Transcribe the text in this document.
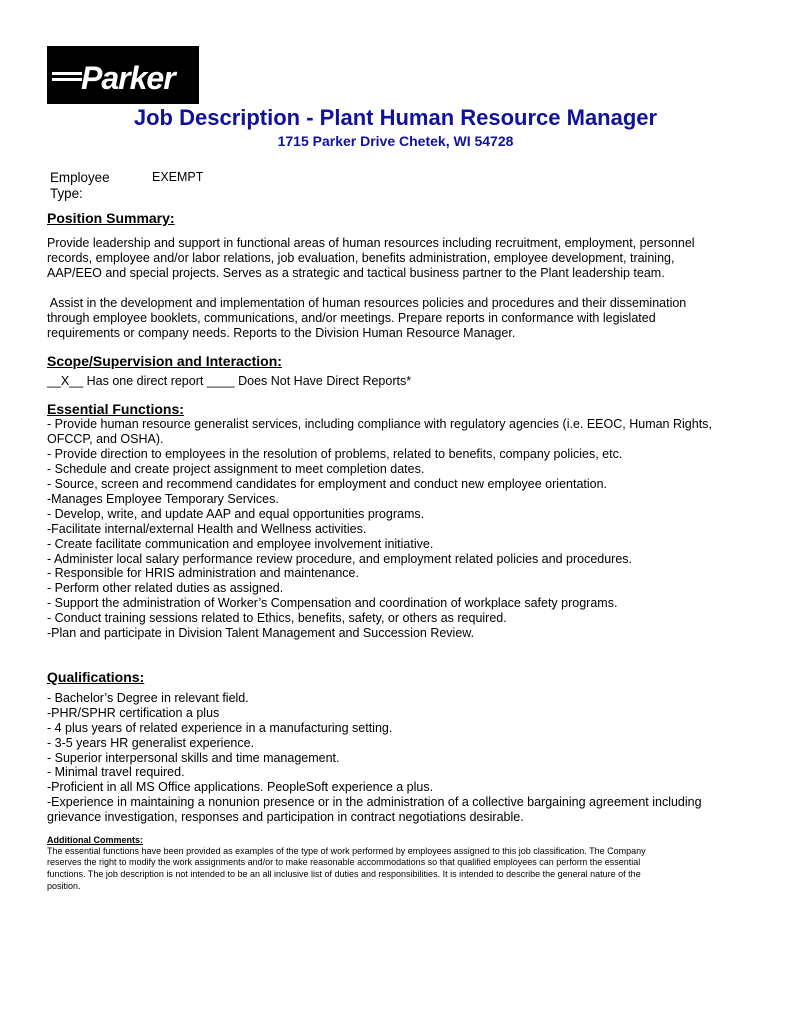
Parker
Job Description - Plant Human Resource Manager
1715 Parker Drive Chetek, WI 54728
Employee
Type:
EXEMPT
Position Summary:
Provide leadership and support in functional areas of human resources including recruitment, employment, personnel
records, employee and/or labor relations, job evaluation, benefits administration, employee development, training,
AAP/EEO and special projects. Serves as a strategic and tactical business partner to the Plant leadership team.
Assist in the development and implementation of human resources policies and procedures and their dissemination
through employee booklets, communications, and/or meetings. Prepare reports in conformance with legislated
requirements or company needs. Reports to the Division Human Resource Manager.
Scope/Supervision and Interaction:
__X__ Has one direct report ____ Does Not Have Direct Reports*
Essential Functions:
- Provide human resource generalist services, including compliance with regulatory agencies (i.e. EEOC, Human Rights,
OFCCP, and OSHA).
- Provide direction to employees in the resolution of problems, related to benefits, company policies, etc.
- Schedule and create project assignment to meet completion dates.
- Source, screen and recommend candidates for employment and conduct new employee orientation.
-Manages Employee Temporary Services.
- Develop, write, and update AAP and equal opportunities programs.
-Facilitate internal/external Health and Wellness activities.
- Create facilitate communication and employee involvement initiative.
- Administer local salary performance review procedure, and employment related policies and procedures.
- Responsible for HRIS administration and maintenance.
- Perform other related duties as assigned.
- Support the administration of Worker’s Compensation and coordination of workplace safety programs.
- Conduct training sessions related to Ethics, benefits, safety, or others as required.
-Plan and participate in Division Talent Management and Succession Review.
Qualifications:
- Bachelor’s Degree in relevant field.
-PHR/SPHR certification a plus
- 4 plus years of related experience in a manufacturing setting.
- 3-5 years HR generalist experience.
- Superior interpersonal skills and time management.
- Minimal travel required.
-Proficient in all MS Office applications. PeopleSoft experience a plus.
-Experience in maintaining a nonunion presence or in the administration of a collective bargaining agreement including
grievance investigation, responses and participation in contract negotiations desirable.
Additional Comments:
The essential functions have been provided as examples of the type of work performed by employees assigned to this job classification. The Company
reserves the right to modify the work assignments and/or to make reasonable accommodations so that qualified employees can perform the essential
functions. The job description is not intended to be an all inclusive list of duties and responsibilities. It is intended to describe the general nature of the
position.
